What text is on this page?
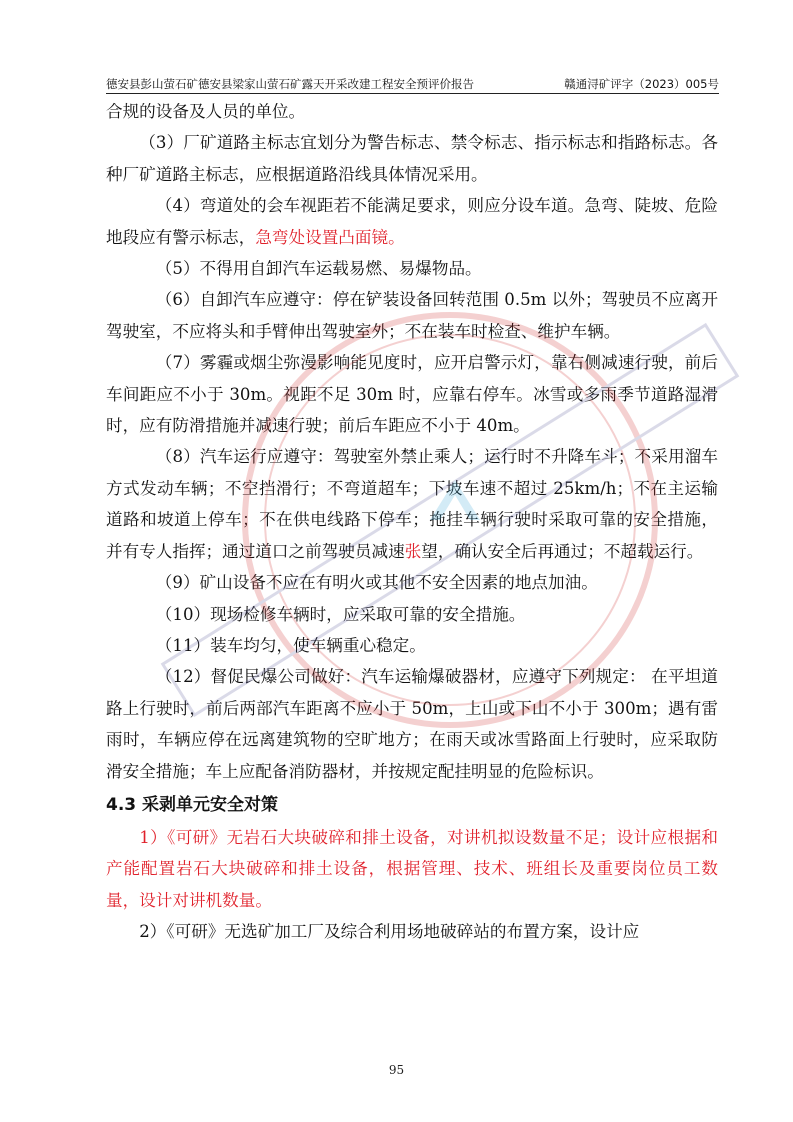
德安县彭山萤石矿德安县梁家山萤石矿露天开采改建工程安全预评价报告	赣通浔矿评字（2023）005号

合规的设备及人员的单位。

（3）厂矿道路主标志宜划分为警告标志、禁令标志、指示标志和指路标志。各种厂矿道路主标志，应根据道路沿线具体情况采用。

（4）弯道处的会车视距若不能满足要求，则应分设车道。急弯、陡坡、危险地段应有警示标志，急弯处设置凸面镜。

（5）不得用自卸汽车运载易燃、易爆物品。

（6）自卸汽车应遵守：停在铲装设备回转范围 0.5m 以外；驾驶员不应离开驾驶室，不应将头和手臂伸出驾驶室外；不在装车时检查、维护车辆。

（7）雾霾或烟尘弥漫影响能见度时，应开启警示灯，靠右侧减速行驶，前后车间距应不小于 30m。视距不足 30m 时，应靠右停车。冰雪或多雨季节道路湿滑时，应有防滑措施并减速行驶；前后车距应不小于 40m。

（8）汽车运行应遵守：驾驶室外禁止乘人；运行时不升降车斗；不采用溜车方式发动车辆；不空挡滑行；不弯道超车；下坡车速不超过 25km/h；不在主运输道路和坡道上停车；不在供电线路下停车；拖挂车辆行驶时采取可靠的安全措施，并有专人指挥；通过道口之前驾驶员减速张望，确认安全后再通过；不超载运行。

（9）矿山设备不应在有明火或其他不安全因素的地点加油。

（10）现场检修车辆时，应采取可靠的安全措施。

（11）装车均匀，使车辆重心稳定。

（12）督促民爆公司做好：汽车运输爆破器材，应遵守下列规定： 在平坦道路上行驶时，前后两部汽车距离不应小于 50m，上山或下山不小于 300m；遇有雷雨时，车辆应停在远离建筑物的空旷地方；在雨天或冰雪路面上行驶时，应采取防滑安全措施；车上应配备消防器材，并按规定配挂明显的危险标识。

4.3 采剥单元安全对策

1）《可研》无岩石大块破碎和排土设备，对讲机拟设数量不足；设计应根据和产能配置岩石大块破碎和排土设备，根据管理、技术、班组长及重要岗位员工数量，设计对讲机数量。

2）《可研》无选矿加工厂及综合利用场地破碎站的布置方案，设计应

95
